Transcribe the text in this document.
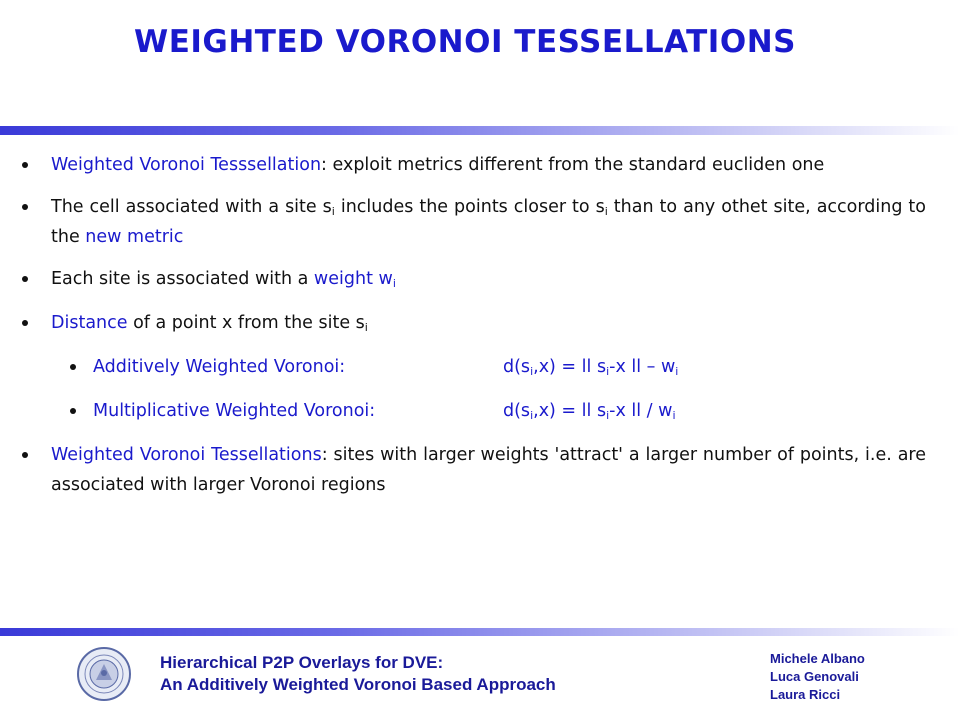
WEIGHTED VORONOI TESSELLATIONS

Weighted Voronoi Tesssellation: exploit metrics different from the standard eucliden one

The cell associated with a site $s_i$ includes the points closer to $s_i$ than to any othet site, according to the new metric

Each site is associated with a weight $w_i$

Distance of a point x from the site $s_i$

Additively Weighted Voronoi:	$d(s_i,x)$ = ll $s_i-x$ ll – $w_i$

Multiplicative Weighted Voronoi:	$d(s_i,x)$ = ll $s_i-x$ ll / $w_i$

Weighted Voronoi Tessellations: sites with larger weights 'attract' a larger number of points, i.e. are associated with larger Voronoi regions

Hierarchical P2P Overlays for DVE:
An Additively Weighted Voronoi Based Approach
Michele Albano
Luca Genovali
Laura Ricci
